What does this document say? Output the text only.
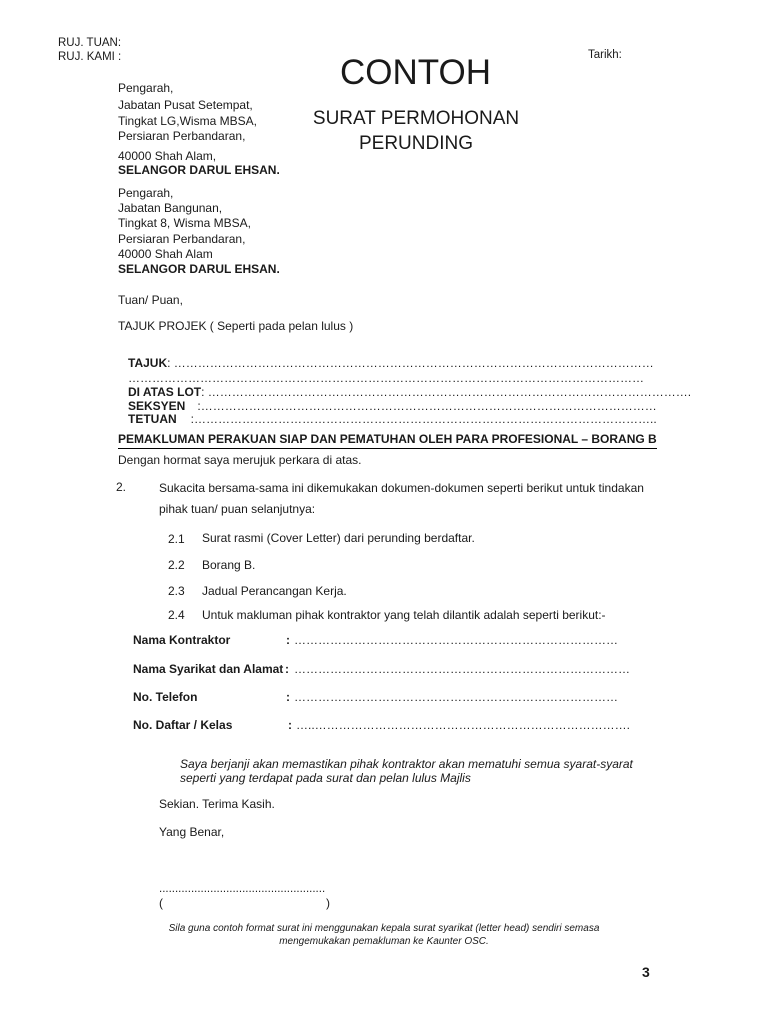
RUJ. TUAN:
RUJ. KAMI :	Tarikh:
CONTOH
SURAT PERMOHONAN
PERUNDING
Pengarah,
Jabatan Pusat Setempat,
Tingkat LG,Wisma MBSA,
Persiaran Perbandaran,
40000 Shah Alam,
SELANGOR DARUL EHSAN.
Pengarah,
Jabatan Bangunan,
Tingkat 8, Wisma MBSA,
Persiaran Perbandaran,
40000 Shah Alam
SELANGOR DARUL EHSAN.
Tuan/ Puan,
TAJUK PROJEK ( Seperti pada pelan lulus )
TAJUK: …………………………………………………………………………………………………………
…………………………………………………………………………………………………………………
DI ATAS LOT: ………………………………………………………………………………………………………….
SEKSYEN :……………………………………………………………………………………………………
TETUAN :……………………………………………………………………………………………………..
PEMAKLUMAN PERAKUAN SIAP DAN PEMATUHAN OLEH PARA PROFESIONAL – BORANG B
Dengan hormat saya merujuk perkara di atas.
2.	Sukacita bersama-sama ini dikemukakan dokumen-dokumen seperti berikut untuk tindakan
pihak tuan/ puan selanjutnya:
2.1 Surat rasmi (Cover Letter) dari perunding berdaftar.
2.2 Borang B.
2.3 Jadual Perancangan Kerja.
2.4 Untuk makluman pihak kontraktor yang telah dilantik adalah seperti berikut:-
Nama Kontraktor	: ………………………………………………………………………
Nama Syarikat dan Alamat : …………………………………………………………………………
No. Telefon	: ………………………………………………………………………
No. Daftar / Kelas	: …..…………………………………………………………………….
Saya berjanji akan memastikan pihak kontraktor akan mematuhi semua syarat-syarat
seperti yang terdapat pada surat dan pelan lulus Majlis
Sekian. Terima Kasih.
Yang Benar,
....................................................
(	)
Sila guna contoh format surat ini menggunakan kepala surat syarikat (letter head) sendiri semasa
mengemukakan pemakluman ke Kaunter OSC.
3
